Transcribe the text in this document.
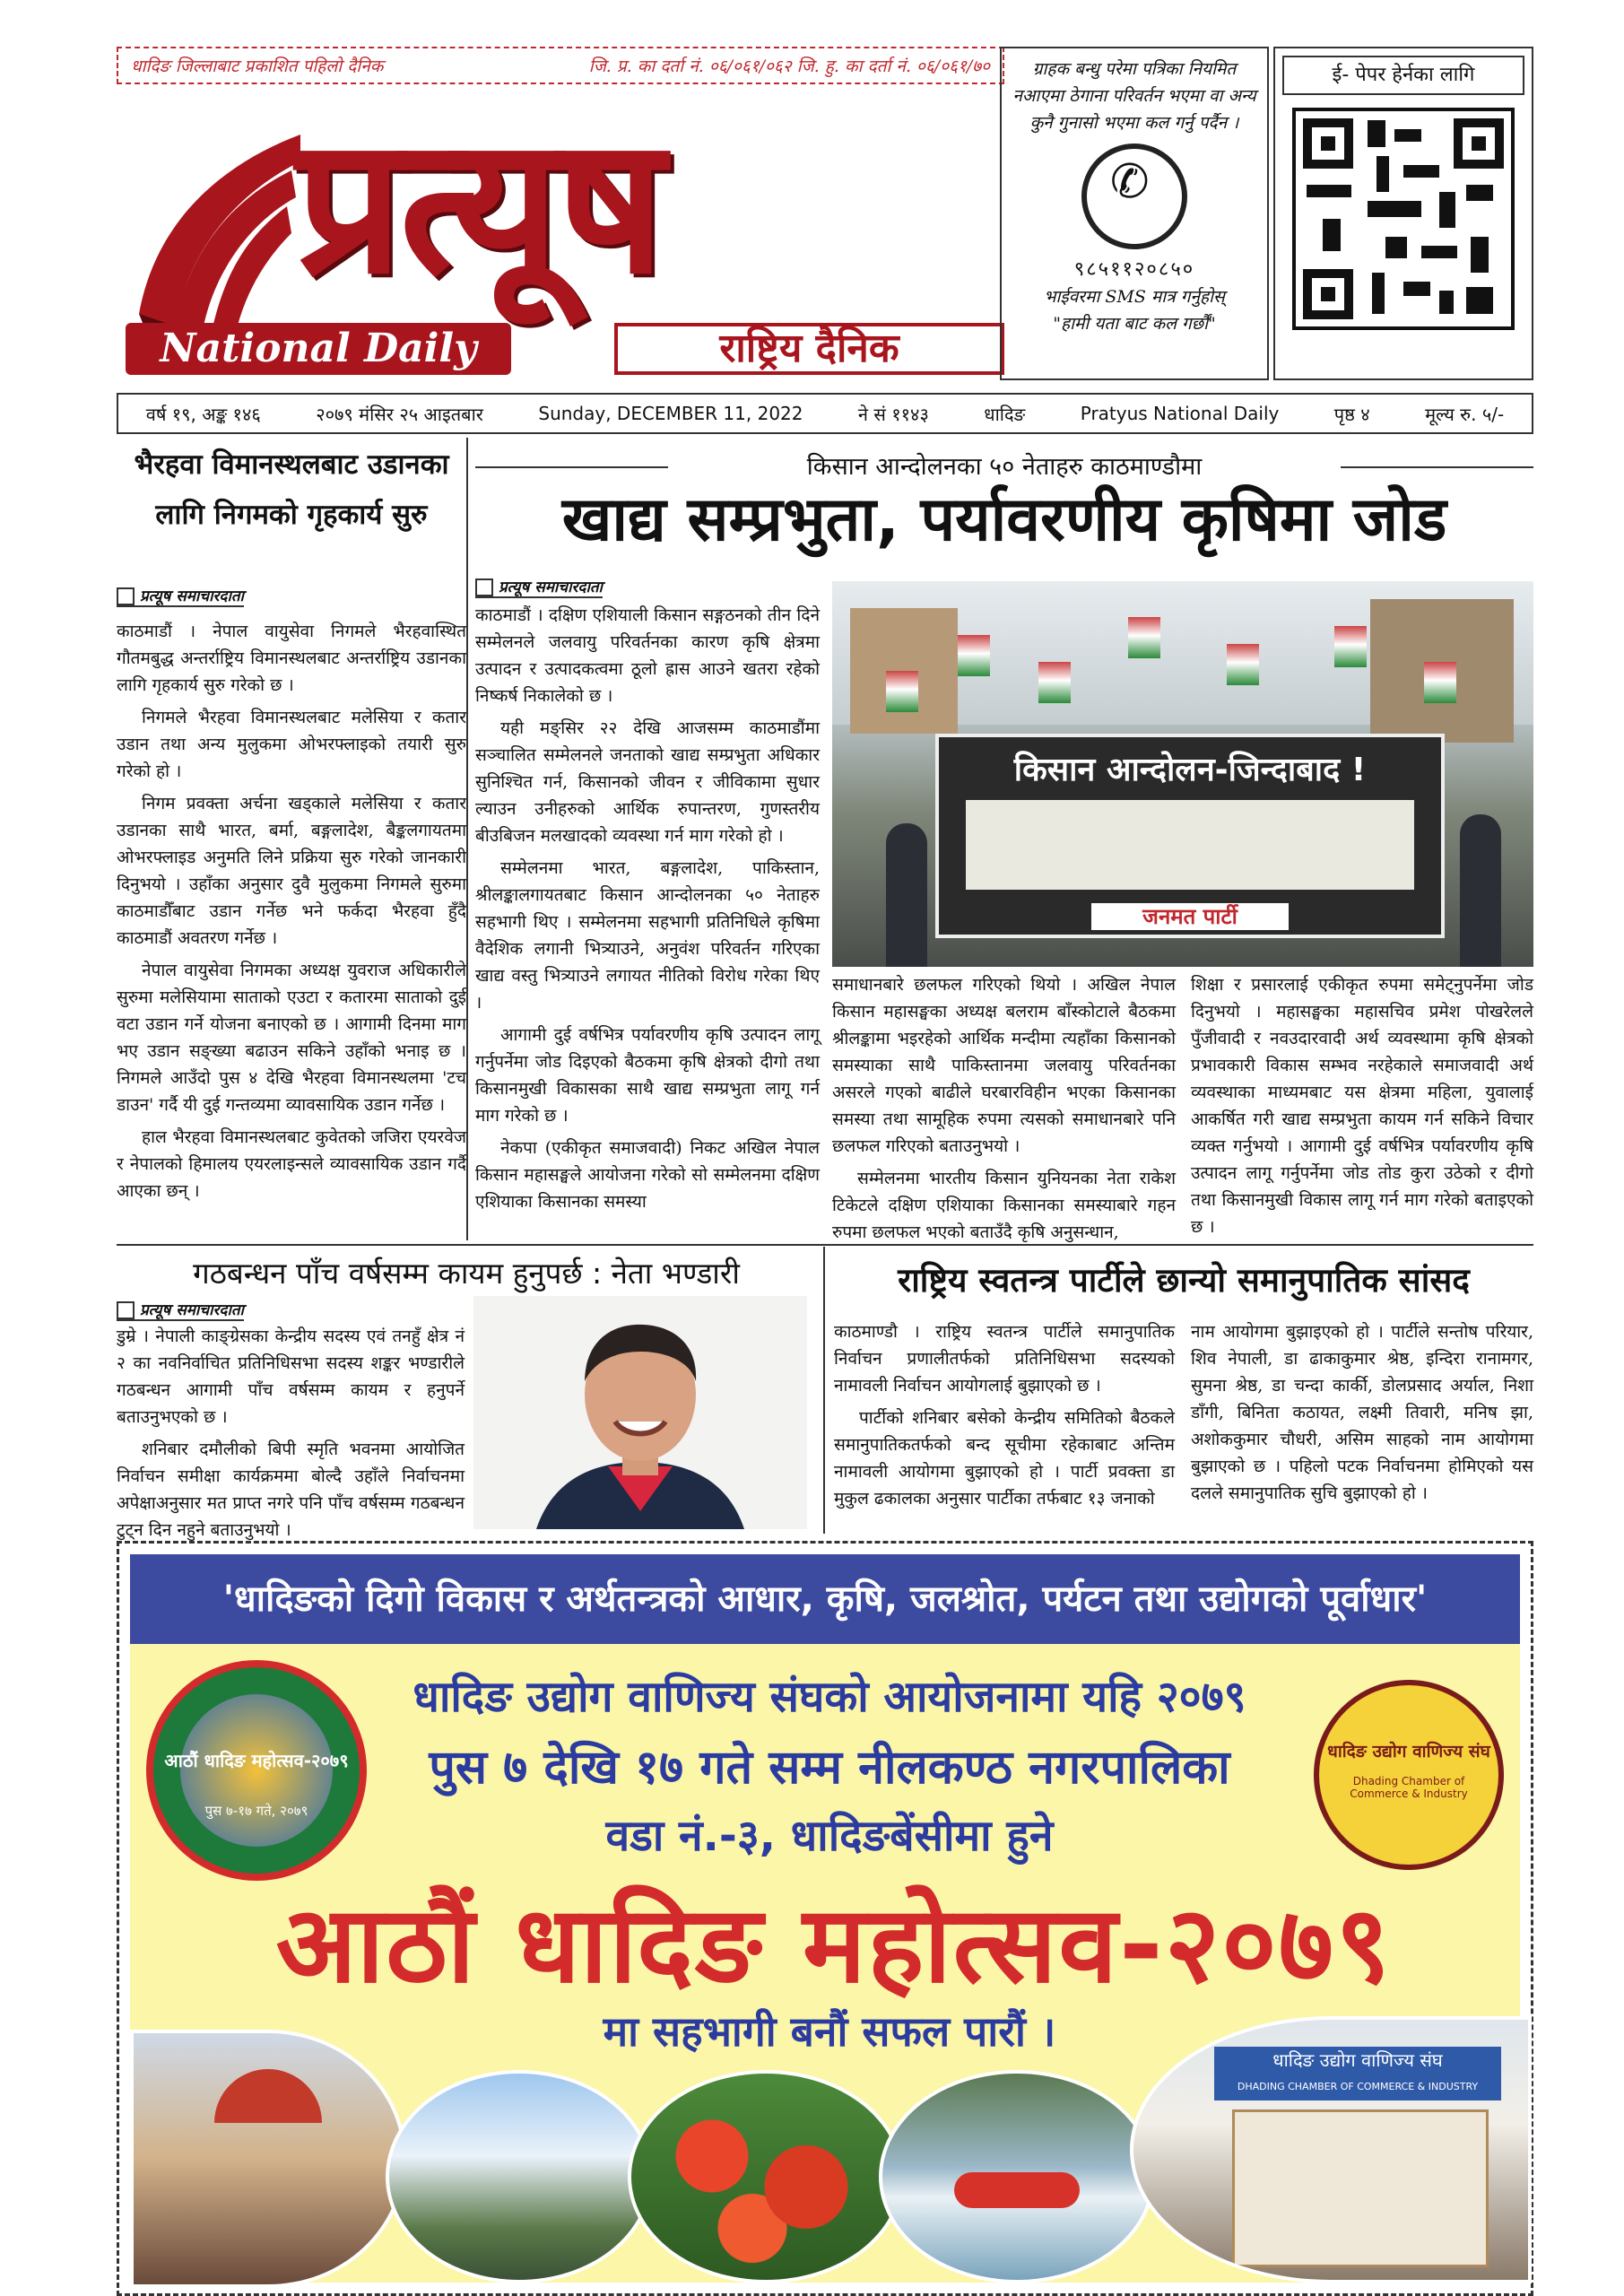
धादिङ जिल्लाबाट प्रकाशित पहिलो दैनिक	जि. प्र. का दर्ता नं. ०६/०६१/०६२ जि. हु. का दर्ता नं. ०६/०६१/७०
प्रत्यूष
National Daily	राष्ट्रिय दैनिक
ग्राहक बन्धु परेमा पत्रिका नियमित नआएमा ठेगाना परिवर्तन भएमा वा अन्य कुनै गुनासो भएमा कल गर्नु पर्दैन ।
✆
९८५११२०८५०
भाईवरमा SMS मात्र गर्नुहोस्
"हामी यता बाट कल गर्छौं"
ई- पेपर हेर्नका लागि
वर्ष १९, अङ्क १४६	२०७९ मंसिर २५ आइतबार	Sunday, DECEMBER 11, 2022	ने सं ११४३	धादिङ	Pratyus National Daily	पृष्ठ ४	मूल्य रु. ५/-
भैरहवा विमानस्थलबाट उडानका लागि निगमको गृहकार्य सुरु
प्रत्यूष समाचारदाता

काठमाडौं । नेपाल वायुसेवा निगमले भैरहवास्थित गौतमबुद्ध अन्तर्राष्ट्रिय विमानस्थलबाट अन्तर्राष्ट्रिय उडानका लागि गृहकार्य सुरु गरेको छ ।

निगमले भैरहवा विमानस्थलबाट मलेसिया र कतार उडान तथा अन्य मुलुकमा ओभरफ्लाइको तयारी सुरु गरेको हो ।

निगम प्रवक्ता अर्चना खड्काले मलेसिया र कतार उडानका साथै भारत, बर्मा, बङ्गलादेश, बैङ्कलगायतमा ओभरफ्लाइड अनुमति लिने प्रक्रिया सुरु गरेको जानकारी दिनुभयो । उहाँका अनुसार दुवै मुलुकमा निगमले सुरुमा काठमाडौँबाट उडान गर्नेछ भने फर्कदा भैरहवा हुँदै काठमाडौं अवतरण गर्नेछ ।

नेपाल वायुसेवा निगमका अध्यक्ष युवराज अधिकारीले सुरुमा मलेसियामा साताको एउटा र कतारमा साताको दुई वटा उडान गर्ने योजना बनाएको छ । आगामी दिनमा माग भए उडान सङ्ख्या बढाउन सकिने उहाँको भनाइ छ । निगमले आउँदो पुस ४ देखि भैरहवा विमानस्थलमा 'टच डाउन' गर्दै यी दुई गन्तव्यमा व्यावसायिक उडान गर्नेछ ।

हाल भैरहवा विमानस्थलबाट कुवेतको जजिरा एयरवेज र नेपालको हिमालय एयरलाइन्सले व्यावसायिक उडान गर्दै आएका छन् ।

किसान आन्दोलनका ५० नेताहरु काठमाण्डौमा
खाद्य सम्प्रभुता, पर्यावरणीय कृषिमा जोड
प्रत्यूष समाचारदाता

काठमाडौं । दक्षिण एशियाली किसान सङ्गठनको तीन दिने सम्मेलनले जलवायु परिवर्तनका कारण कृषि क्षेत्रमा उत्पादन र उत्पादकत्वमा ठूलो ह्रास आउने खतरा रहेको निष्कर्ष निकालेको छ ।

यही मङ्सिर २२ देखि आजसम्म काठमाडौंमा सञ्चालित सम्मेलनले जनताको खाद्य सम्प्रभुता अधिकार सुनिश्चित गर्न, किसानको जीवन र जीविकामा सुधार ल्याउन उनीहरुको आर्थिक रुपान्तरण, गुणस्तरीय बीउबिजन मलखादको व्यवस्था गर्न माग गरेको हो ।

सम्मेलनमा भारत, बङ्गलादेश, पाकिस्तान, श्रीलङ्कालगायतबाट किसान आन्दोलनका ५० नेताहरु सहभागी थिए । सम्मेलनमा सहभागी प्रतिनिधिले कृषिमा वैदेशिक लगानी भित्र्याउने, अनुवंश परिवर्तन गरिएका खाद्य वस्तु भित्र्याउने लगायत नीतिको विरोध गरेका थिए ।

आगामी दुई वर्षभित्र पर्यावरणीय कृषि उत्पादन लागू गर्नुपर्नेमा जोड दिइएको बैठकमा कृषि क्षेत्रको दीगो तथा किसानमुखी विकासका साथै खाद्य सम्प्रभुता लागू गर्न माग गरेको छ ।

नेकपा (एकीकृत समाजवादी) निकट अखिल नेपाल किसान महासङ्घले आयोजना गरेको सो सम्मेलनमा दक्षिण एशियाका किसानका समस्या

किसान आन्दोलन-जिन्दाबाद !
जनमत पार्टी

समाधानबारे छलफल गरिएको थियो । अखिल नेपाल किसान महासङ्घका अध्यक्ष बलराम बाँस्कोटाले बैठकमा श्रीलङ्कामा भइरहेको आर्थिक मन्दीमा त्यहाँका किसानको समस्याका साथै पाकिस्तानमा जलवायु परिवर्तनका असरले गएको बाढीले घरबारविहीन भएका किसानका समस्या तथा सामूहिक रुपमा त्यसको समाधानबारे पनि छलफल गरिएको बताउनुभयो ।

सम्मेलनमा भारतीय किसान युनियनका नेता राकेश टिकेटले दक्षिण एशियाका किसानका समस्याबारे गहन रुपमा छलफल भएको बताउँदै कृषि अनुसन्धान,

शिक्षा र प्रसारलाई एकीकृत रुपमा समेट्नुपर्नेमा जोड दिनुभयो । महासङ्घका महासचिव प्रमेश पोखरेलले पुँजीवादी र नवउदारवादी अर्थ व्यवस्थामा कृषि क्षेत्रको प्रभावकारी विकास सम्भव नरहेकाले समाजवादी अर्थ व्यवस्थाका माध्यमबाट यस क्षेत्रमा महिला, युवालाई आकर्षित गरी खाद्य सम्प्रभुता कायम गर्न सकिने विचार व्यक्त गर्नुभयो । आगामी दुई वर्षभित्र पर्यावरणीय कृषि उत्पादन लागू गर्नुपर्नेमा जोड तोड कुरा उठेको र दीगो तथा किसानमुखी विकास लागू गर्न माग गरेको बताइएको छ ।

गठबन्धन पाँच वर्षसम्म कायम हुनुपर्छ : नेता भण्डारी
प्रत्यूष समाचारदाता

डुम्रे । नेपाली काङ्ग्रेसका केन्द्रीय सदस्य एवं तनहुँ क्षेत्र नं २ का नवनिर्वाचित प्रतिनिधिसभा सदस्य शङ्कर भण्डारीले गठबन्धन आगामी पाँच वर्षसम्म कायम र हनुपर्ने बताउनुभएको छ ।

शनिबार दमौलीको बिपी स्मृति भवनमा आयोजित निर्वाचन समीक्षा कार्यक्रममा बोल्दै उहाँले निर्वाचनमा अपेक्षाअनुसार मत प्राप्त नगरे पनि पाँच वर्षसम्म गठबन्धन टुट्न दिन नहुने बताउनुभयो ।

राष्ट्रिय स्वतन्त्र पार्टीले छान्यो समानुपातिक सांसद

काठमाण्डौ । राष्ट्रिय स्वतन्त्र पार्टीले समानुपातिक निर्वाचन प्रणालीतर्फको प्रतिनिधिसभा सदस्यको नामावली निर्वाचन आयोगलाई बुझाएको छ ।

पार्टीको शनिबार बसेको केन्द्रीय समितिको बैठकले समानुपातिकतर्फको बन्द सूचीमा रहेकाबाट अन्तिम नामावली आयोगमा बुझाएको हो । पार्टी प्रवक्ता डा मुकुल ढकालका अनुसार पार्टीका तर्फबाट १३ जनाको

नाम आयोगमा बुझाइएको हो । पार्टीले सन्तोष परियार, शिव नेपाली, डा ढाकाकुमार श्रेष्ठ, इन्दिरा रानामगर, सुमना श्रेष्ठ, डा चन्दा कार्की, डोलप्रसाद अर्याल, निशा डाँगी, बिनिता कठायत, लक्ष्मी तिवारी, मनिष झा, अशोककुमार चौधरी, असिम साहको नाम आयोगमा बुझाएको छ । पहिलो पटक निर्वाचनमा होमिएको यस दलले समानुपातिक सुचि बुझाएको हो ।

'धादिङको दिगो विकास र अर्थतन्त्रको आधार, कृषि, जलश्रोत, पर्यटन तथा उद्योगको पूर्वाधार'
आठौं धादिङ महोत्सव-२०७९
पुस ७-१७ गते, २०७९
धादिङ उद्योग वाणिज्य संघ
Dhading Chamber of Commerce & Industry
धादिङ उद्योग वाणिज्य संघको आयोजनामा यहि २०७९
पुस ७ देखि १७ गते सम्म नीलकण्ठ नगरपालिका
वडा नं.-३, धादिङबेंसीमा हुने
आठौं धादिङ महोत्सव-२०७९
मा सहभागी बनौं सफल पारौं ।
धादिङ उद्योग वाणिज्य संघ
DHADING CHAMBER OF COMMERCE & INDUSTRY
